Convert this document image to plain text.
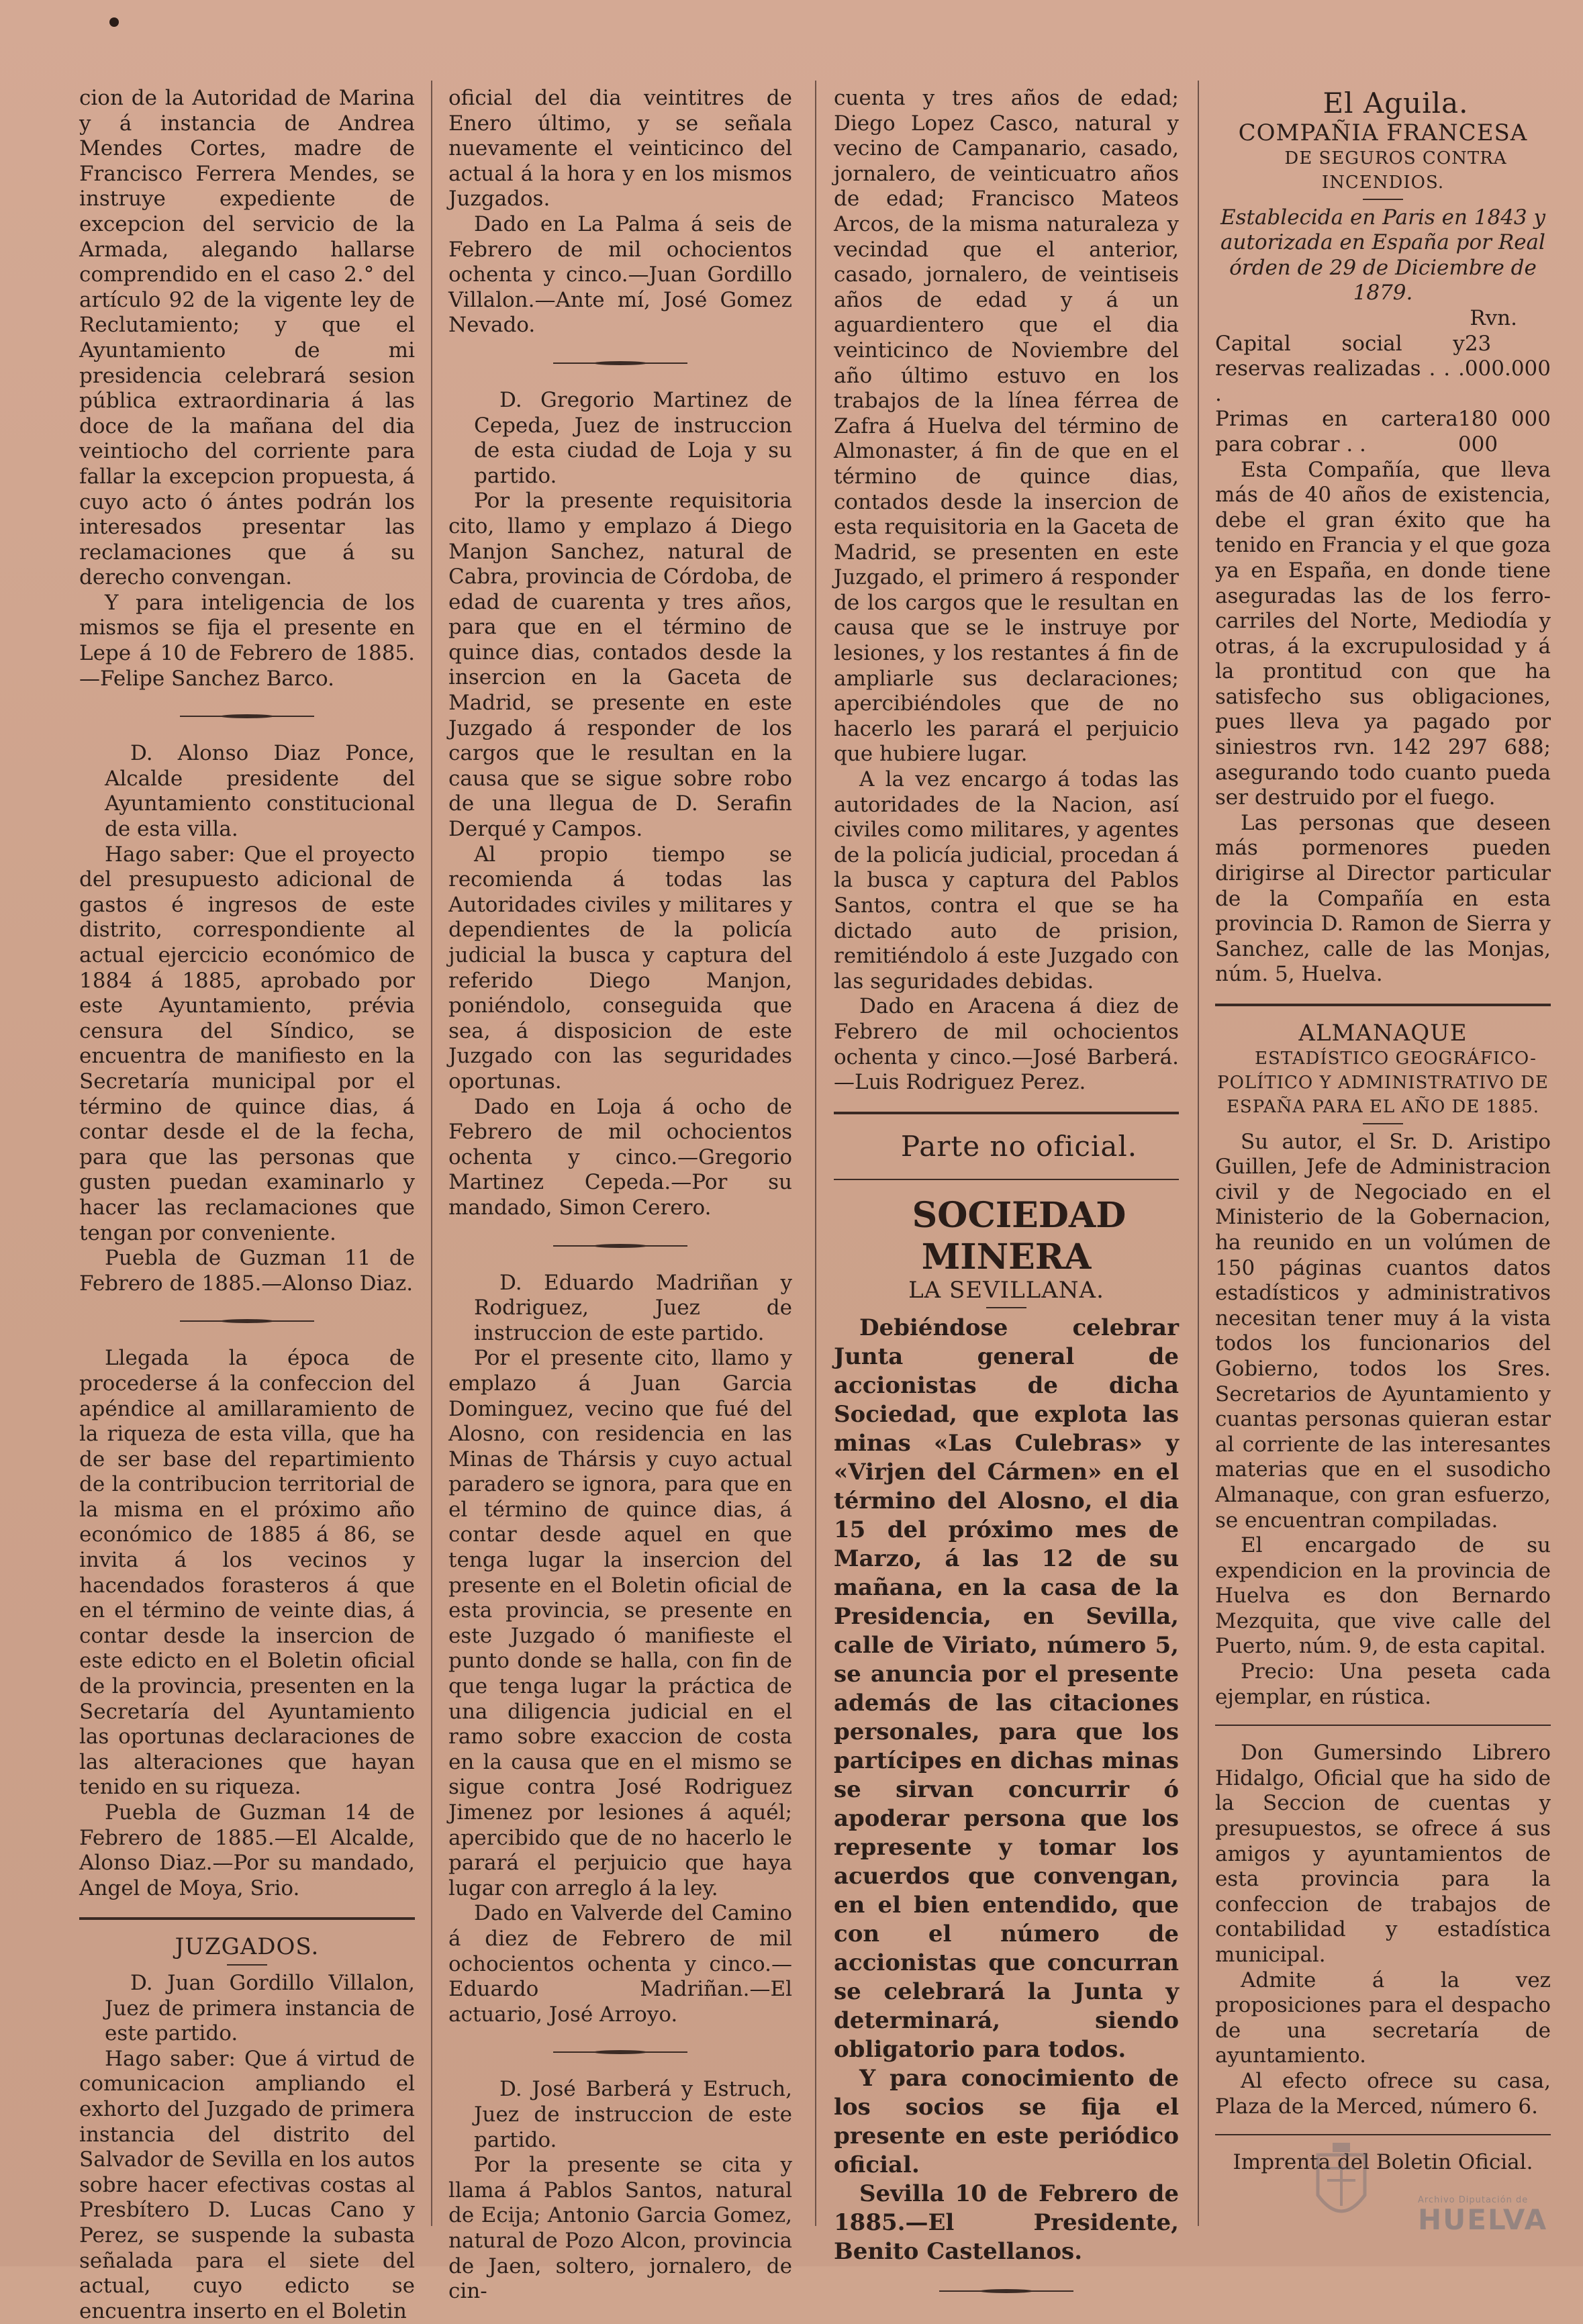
cion de la Autoridad de Marina y á instancia de Andrea Mendes Cortes, madre de Francisco Ferrera Mendes, se instruye expediente de excepcion del servicio de la Armada, alegando hallarse comprendido en el caso 2.° del artículo 92 de la vigente ley de Reclutamiento; y que el Ayuntamiento de mi presidencia celebrará sesion pública extraordinaria á las doce de la mañana del dia veintiocho del corriente para fallar la excepcion propuesta, á cuyo acto ó ántes podrán los interesados presentar las reclamaciones que á su derecho convengan.

Y para inteligencia de los mismos se fija el presente en Lepe á 10 de Febrero de 1885.—Felipe Sanchez Barco.

D. Alonso Diaz Ponce, Alcalde presidente del Ayuntamiento constitucional de esta villa.

Hago saber: Que el proyecto del presupuesto adicional de gastos é ingresos de este distrito, correspondiente al actual ejercicio económico de 1884 á 1885, aprobado por este Ayuntamiento, prévia censura del Síndico, se encuentra de manifiesto en la Secretaría municipal por el término de quince dias, á contar desde el de la fecha, para que las personas que gusten puedan examinarlo y hacer las reclamaciones que tengan por conveniente.

Puebla de Guzman 11 de Febrero de 1885.—Alonso Diaz.

Llegada la época de procederse á la confeccion del apéndice al amillaramiento de la riqueza de esta villa, que ha de ser base del repartimiento de la contribucion territorial de la misma en el próximo año económico de 1885 á 86, se invita á los vecinos y hacendados forasteros á que en el término de veinte dias, á contar desde la insercion de este edicto en el Boletin oficial de la provincia, presenten en la Secretaría del Ayuntamiento las oportunas declaraciones de las alteraciones que hayan tenido en su riqueza.

Puebla de Guzman 14 de Febrero de 1885.—El Alcalde, Alonso Diaz.—Por su mandado, Angel de Moya, Srio.

JUZGADOS.

D. Juan Gordillo Villalon, Juez de primera instancia de este partido.

Hago saber: Que á virtud de comunicacion ampliando el exhorto del Juzgado de primera instancia del distrito del Salvador de Sevilla en los autos sobre hacer efectivas costas al Presbítero D. Lucas Cano y Perez, se suspende la subasta señalada para el siete del actual, cuyo edicto se encuentra inserto en el Boletin

oficial del dia veintitres de Enero último, y se señala nuevamente el veinticinco del actual á la hora y en los mismos Juzgados.

Dado en La Palma á seis de Febrero de mil ochocientos ochenta y cinco.—Juan Gordillo Villalon.—Ante mí, José Gomez Nevado.

D. Gregorio Martinez de Cepeda, Juez de instruccion de esta ciudad de Loja y su partido.

Por la presente requisitoria cito, llamo y emplazo á Diego Manjon Sanchez, natural de Cabra, provincia de Córdoba, de edad de cuarenta y tres años, para que en el término de quince dias, contados desde la insercion en la Gaceta de Madrid, se presente en este Juzgado á responder de los cargos que le resultan en la causa que se sigue sobre robo de una llegua de D. Serafin Derqué y Campos.

Al propio tiempo se recomienda á todas las Autoridades civiles y militares y dependientes de la policía judicial la busca y captura del referido Diego Manjon, poniéndolo, conseguida que sea, á disposicion de este Juzgado con las seguridades oportunas.

Dado en Loja á ocho de Febrero de mil ochocientos ochenta y cinco.—Gregorio Martinez Cepeda.—Por su mandado, Simon Cerero.

D. Eduardo Madriñan y Rodriguez, Juez de instruccion de este partido.

Por el presente cito, llamo y emplazo á Juan Garcia Dominguez, vecino que fué del Alosno, con residencia en las Minas de Thársis y cuyo actual paradero se ignora, para que en el término de quince dias, á contar desde aquel en que tenga lugar la insercion del presente en el Boletin oficial de esta provincia, se presente en este Juzgado ó manifieste el punto donde se halla, con fin de que tenga lugar la práctica de una diligencia judicial en el ramo sobre exaccion de costa en la causa que en el mismo se sigue contra José Rodriguez Jimenez por lesiones á aquél; apercibido que de no hacerlo le parará el perjuicio que haya lugar con arreglo á la ley.

Dado en Valverde del Camino á diez de Febrero de mil ochocientos ochenta y cinco.—Eduardo Madriñan.—El actuario, José Arroyo.

D. José Barberá y Estruch, Juez de instruccion de este partido.

Por la presente se cita y llama á Pablos Santos, natural de Ecija; Antonio Garcia Gomez, natural de Pozo Alcon, provincia de Jaen, soltero, jornalero, de cin-

cuenta y tres años de edad; Diego Lopez Casco, natural y vecino de Campanario, casado, jornalero, de veinticuatro años de edad; Francisco Mateos Arcos, de la misma naturaleza y vecindad que el anterior, casado, jornalero, de veintiseis años de edad y á un aguardientero que el dia veinticinco de Noviembre del año último estuvo en los trabajos de la línea férrea de Zafra á Huelva del término de Almonaster, á fin de que en el término de quince dias, contados desde la insercion de esta requisitoria en la Gaceta de Madrid, se presenten en este Juzgado, el primero á responder de los cargos que le resultan en causa que se le instruye por lesiones, y los restantes á fin de ampliarle sus declaraciones; apercibiéndoles que de no hacerlo les parará el perjuicio que hubiere lugar.

A la vez encargo á todas las autoridades de la Nacion, así civiles como militares, y agentes de la policía judicial, procedan á la busca y captura del Pablos Santos, contra el que se ha dictado auto de prision, remitiéndolo á este Juzgado con las seguridades debidas.

Dado en Aracena á diez de Febrero de mil ochocientos ochenta y cinco.—José Barberá.—Luis Rodriguez Perez.

Parte no oficial.

SOCIEDAD MINERA

LA SEVILLANA.

Debiéndose celebrar Junta general de accionistas de dicha Sociedad, que explota las minas «Las Culebras» y «Virjen del Cármen» en el término del Alosno, el dia 15 del próximo mes de Marzo, á las 12 de su mañana, en la casa de la Presidencia, en Sevilla, calle de Viriato, número 5, se anuncia por el presente además de las citaciones personales, para que los partícipes en dichas minas se sirvan concurrir ó apoderar persona que los represente y tomar los acuerdos que convengan, en el bien entendido, que con el número de accionistas que concurran se celebrará la Junta y determinará, siendo obligatorio para todos.

Y para conocimiento de los socios se fija el presente en este periódico oficial.

Sevilla 10 de Febrero de 1885.—El Presidente, Benito Castellanos.

El Aguila.

COMPAÑIA FRANCESA

DE SEGUROS CONTRA INCENDIOS.

Establecida en Paris en 1843 y autorizada en España por Real órden de 29 de Diciembre de 1879.

Rvn.

Capital social y reservas realizadas . . . .
23 000.000
Primas en cartera para cobrar . .
180 000 000

Esta Compañía, que lleva más de 40 años de existencia, debe el gran éxito que ha tenido en Francia y el que goza ya en España, en donde tiene aseguradas las de los ferro-carriles del Norte, Mediodía y otras, á la excrupulosidad y á la prontitud con que ha satisfecho sus obligaciones, pues lleva ya pagado por siniestros rvn. 142 297 688; asegurando todo cuanto pueda ser destruido por el fuego.

Las personas que deseen más pormenores pueden dirigirse al Director particular de la Compañía en esta provincia D. Ramon de Sierra y Sanchez, calle de las Monjas, núm. 5, Huelva.

ALMANAQUE

ESTADÍSTICO GEOGRÁFICO-POLÍTICO Y ADMINISTRATIVO DE ESPAÑA PARA EL AÑO DE 1885.

Su autor, el Sr. D. Aristipo Guillen, Jefe de Administracion civil y de Negociado en el Ministerio de la Gobernacion, ha reunido en un volúmen de 150 páginas cuantos datos estadísticos y administrativos necesitan tener muy á la vista todos los funcionarios del Gobierno, todos los Sres. Secretarios de Ayuntamiento y cuantas personas quieran estar al corriente de las interesantes materias que en el susodicho Almanaque, con gran esfuerzo, se encuentran compiladas.

El encargado de su expendicion en la provincia de Huelva es don Bernardo Mezquita, que vive calle del Puerto, núm. 9, de esta capital.

Precio: Una peseta cada ejemplar, en rústica.

Don Gumersindo Librero Hidalgo, Oficial que ha sido de la Seccion de cuentas y presupuestos, se ofrece á sus amigos y ayuntamientos de esta provincia para la confeccion de trabajos de contabilidad y estadística municipal.

Admite á la vez proposiciones para el despacho de una secretaría de ayuntamiento.

Al efecto ofrece su casa, Plaza de la Merced, número 6.

Imprenta del Boletin Oficial.

Archivo Diputación de
HUELVA
